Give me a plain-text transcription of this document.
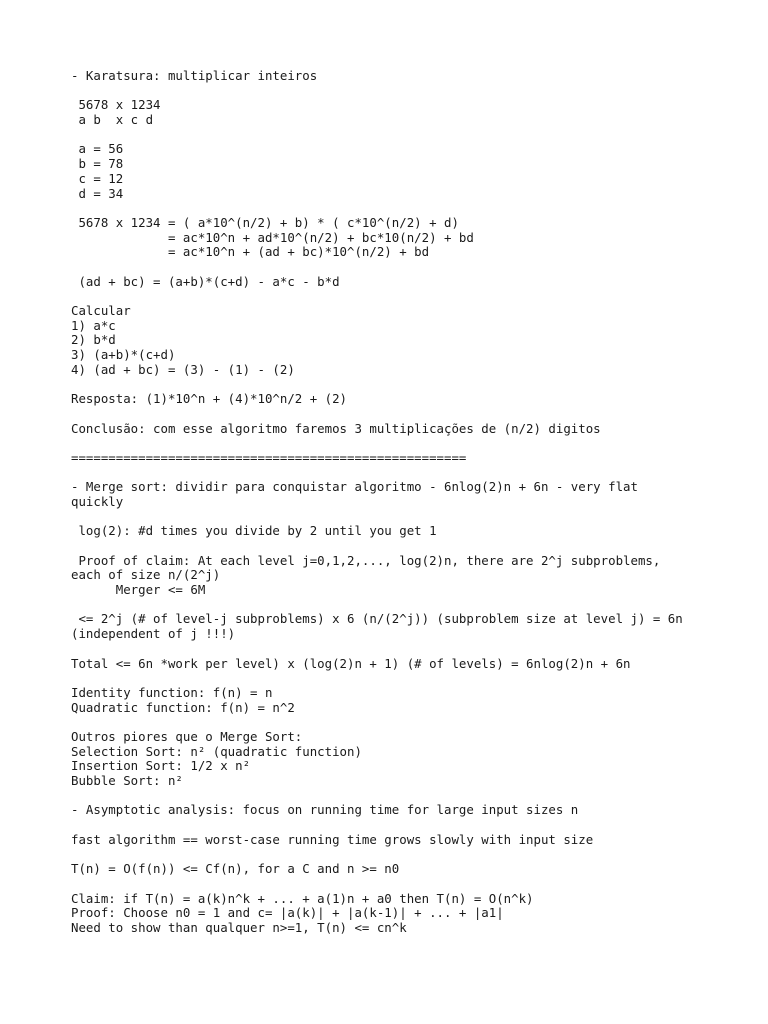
- Karatsura: multiplicar inteiros
5678 x 1234
a b  x c d
a = 56
b = 78
c = 12
d = 34
5678 x 1234 = ( a*10^(n/2) + b) * ( c*10^(n/2) + d)
= ac*10^n + ad*10^(n/2) + bc*10(n/2) + bd
= ac*10^n + (ad + bc)*10^(n/2) + bd
(ad + bc) = (a+b)*(c+d) - a*c - b*d
Calcular
1) a*c
2) b*d
3) (a+b)*(c+d)
4) (ad + bc) = (3) - (1) - (2)
Resposta: (1)*10^n + (4)*10^n/2 + (2)
Conclusão: com esse algoritmo faremos 3 multiplicações de (n/2) digitos
=====================================================
- Merge sort: dividir para conquistar algoritmo - 6nlog(2)n + 6n - very flat
quickly
log(2): #d times you divide by 2 until you get 1
Proof of claim: At each level j=0,1,2,..., log(2)n, there are 2^j subproblems,
each of size n/(2^j)
Merger <= 6M
<= 2^j (# of level-j subproblems) x 6 (n/(2^j)) (subproblem size at level j) = 6n
(independent of j !!!)
Total <= 6n *work per level) x (log(2)n + 1) (# of levels) = 6nlog(2)n + 6n
Identity function: f(n) = n
Quadratic function: f(n) = n^2
Outros piores que o Merge Sort:
Selection Sort: n² (quadratic function)
Insertion Sort: 1/2 x n²
Bubble Sort: n²
- Asymptotic analysis: focus on running time for large input sizes n
fast algorithm == worst-case running time grows slowly with input size
T(n) = O(f(n)) <= Cf(n), for a C and n >= n0
Claim: if T(n) = a(k)n^k + ... + a(1)n + a0 then T(n) = O(n^k)
Proof: Choose n0 = 1 and c= |a(k)| + |a(k-1)| + ... + |a1|
Need to show than qualquer n>=1, T(n) <= cn^k
